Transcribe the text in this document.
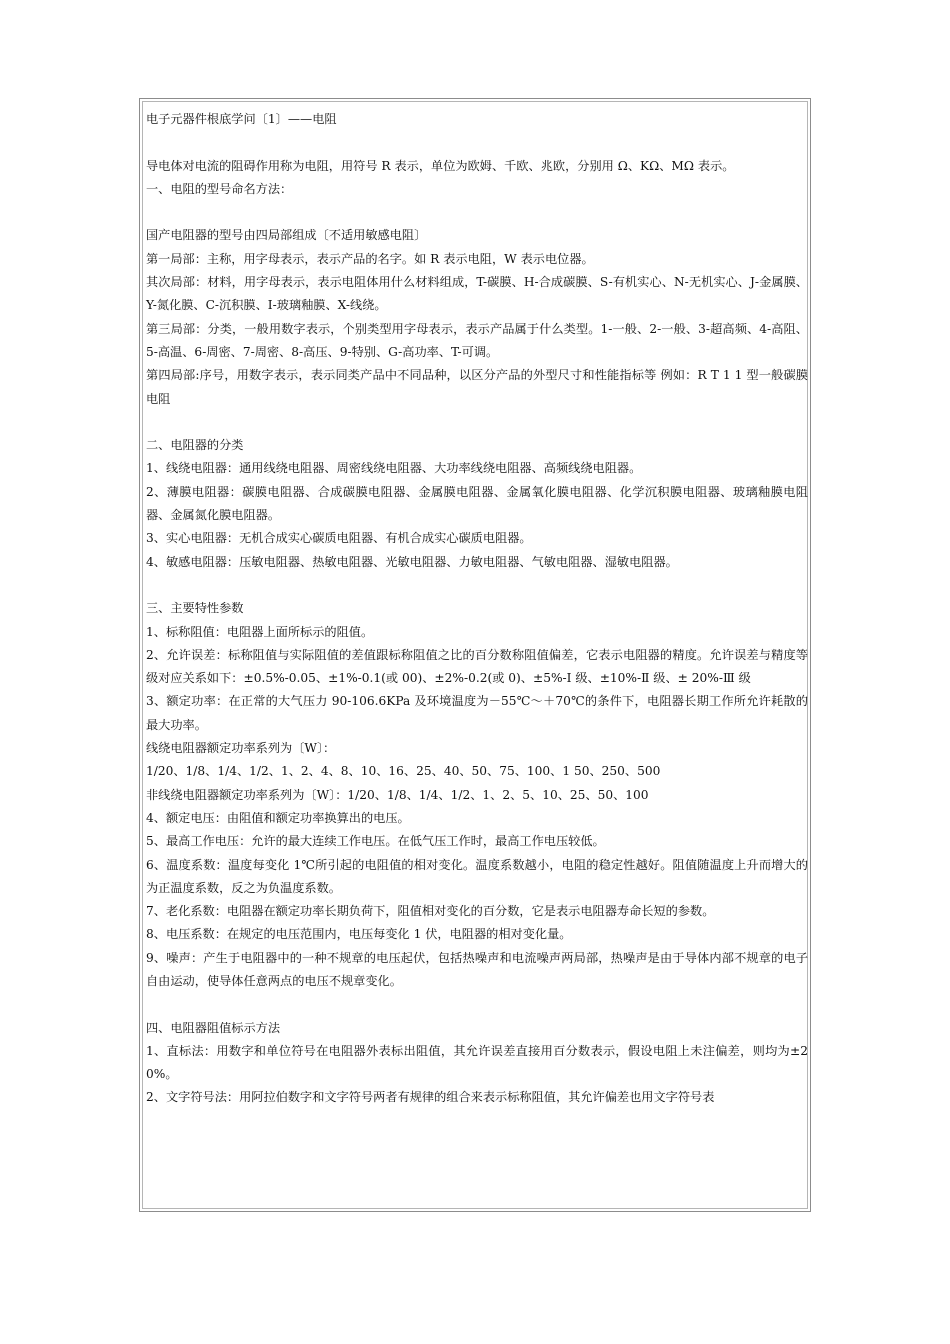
电子元器件根底学问〔1〕——电阻

导电体对电流的阻碍作用称为电阻，用符号 R 表示，单位为欧姆、千欧、兆欧，分别用 Ω、KΩ、MΩ 表示。

一、电阻的型号命名方法：

国产电阻器的型号由四局部组成〔不适用敏感电阻〕

第一局部：主称，用字母表示，表示产品的名字。如 R 表示电阻，W 表示电位器。

其次局部：材料，用字母表示，表示电阻体用什么材料组成，T-碳膜、H-合成碳膜、S-有机实心、N-无机实心、J-金属膜、Y-氮化膜、C-沉积膜、I-玻璃釉膜、X-线绕。

第三局部：分类，一般用数字表示，个别类型用字母表示，表示产品属于什么类型。1-一般、2-一般、3-超高频、4-高阻、5-高温、6-周密、7-周密、8-高压、9-特别、G-高功率、T-可调。

第四局部:序号，用数字表示，表示同类产品中不同品种，以区分产品的外型尺寸和性能指标等 例如：R T 1 1 型一般碳膜电阻

二、电阻器的分类

1、线绕电阻器：通用线绕电阻器、周密线绕电阻器、大功率线绕电阻器、高频线绕电阻器。

2、薄膜电阻器：碳膜电阻器、合成碳膜电阻器、金属膜电阻器、金属氧化膜电阻器、化学沉积膜电阻器、玻璃釉膜电阻器、金属氮化膜电阻器。

3、实心电阻器：无机合成实心碳质电阻器、有机合成实心碳质电阻器。

4、敏感电阻器：压敏电阻器、热敏电阻器、光敏电阻器、力敏电阻器、气敏电阻器、湿敏电阻器。

三、主要特性参数

1、标称阻值：电阻器上面所标示的阻值。

2、允许误差：标称阻值与实际阻值的差值跟标称阻值之比的百分数称阻值偏差，它表示电阻器的精度。允许误差与精度等级对应关系如下：±0.5%-0.05、±1%-0.1(或 00)、±2%-0.2(或 0)、±5%-Ⅰ 级、±10%-Ⅱ 级、± 20%-Ⅲ 级

3、额定功率：在正常的大气压力 90-106.6KPa 及环境温度为－55℃～＋70℃的条件下，电阻器长期工作所允许耗散的最大功率。

线绕电阻器额定功率系列为〔W〕：

1/20、1/8、1/4、1/2、1、2、4、8、10、16、25、40、50、75、100、1 50、250、500

非线绕电阻器额定功率系列为〔W〕：1/20、1/8、1/4、1/2、1、2、5、10、25、50、100

4、额定电压：由阻值和额定功率换算出的电压。

5、最高工作电压：允许的最大连续工作电压。在低气压工作时，最高工作电压较低。

6、温度系数：温度每变化 1℃所引起的电阻值的相对变化。温度系数越小，电阻的稳定性越好。阻值随温度上升而增大的为正温度系数，反之为负温度系数。

7、老化系数：电阻器在额定功率长期负荷下，阻值相对变化的百分数，它是表示电阻器寿命长短的参数。

8、电压系数：在规定的电压范围内，电压每变化 1 伏，电阻器的相对变化量。

9、噪声：产生于电阻器中的一种不规章的电压起伏，包括热噪声和电流噪声两局部，热噪声是由于导体内部不规章的电子自由运动，使导体任意两点的电压不规章变化。

四、电阻器阻值标示方法

1、直标法：用数字和单位符号在电阻器外表标出阻值，其允许误差直接用百分数表示，假设电阻上未注偏差，则均为±20%。

2、文字符号法：用阿拉伯数字和文字符号两者有规律的组合来表示标称阻值，其允许偏差也用文字符号表
